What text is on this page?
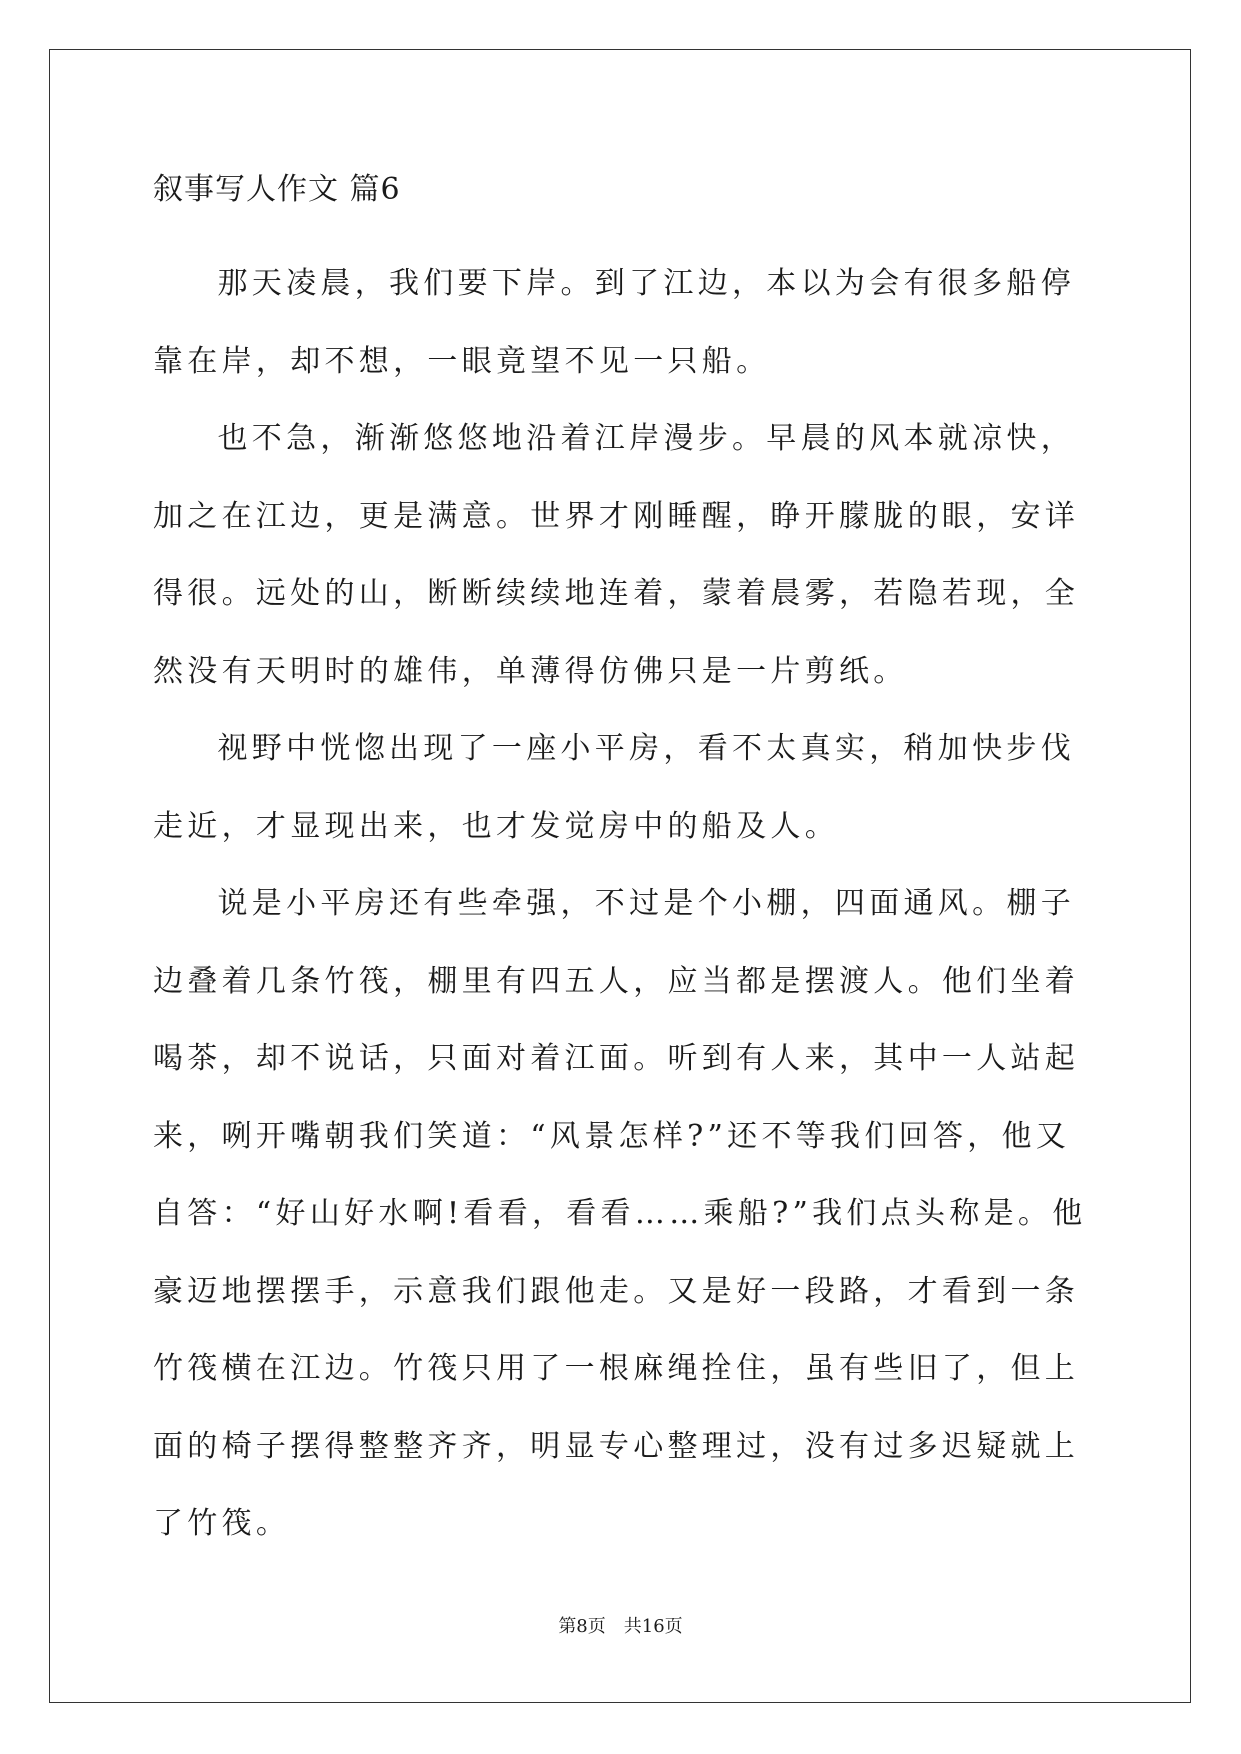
叙事写人作文 篇6

那天凌晨，我们要下岸。到了江边，本以为会有很多船停靠在岸，却不想，一眼竟望不见一只船。

也不急，渐渐悠悠地沿着江岸漫步。早晨的风本就凉快，加之在江边，更是满意。世界才刚睡醒，睁开朦胧的眼，安详得很。远处的山，断断续续地连着，蒙着晨雾，若隐若现，全然没有天明时的雄伟，单薄得仿佛只是一片剪纸。

视野中恍惚出现了一座小平房，看不太真实，稍加快步伐走近，才显现出来，也才发觉房中的船及人。

说是小平房还有些牵强，不过是个小棚，四面通风。棚子边叠着几条竹筏，棚里有四五人，应当都是摆渡人。他们坐着喝茶，却不说话，只面对着江面。听到有人来，其中一人站起来，咧开嘴朝我们笑道：“风景怎样?”还不等我们回答，他又自答：“好山好水啊!看看，看看……乘船?”我们点头称是。他豪迈地摆摆手，示意我们跟他走。又是好一段路，才看到一条竹筏横在江边。竹筏只用了一根麻绳拴住，虽有些旧了，但上面的椅子摆得整整齐齐，明显专心整理过，没有过多迟疑就上了竹筏。

第8页 共16页
